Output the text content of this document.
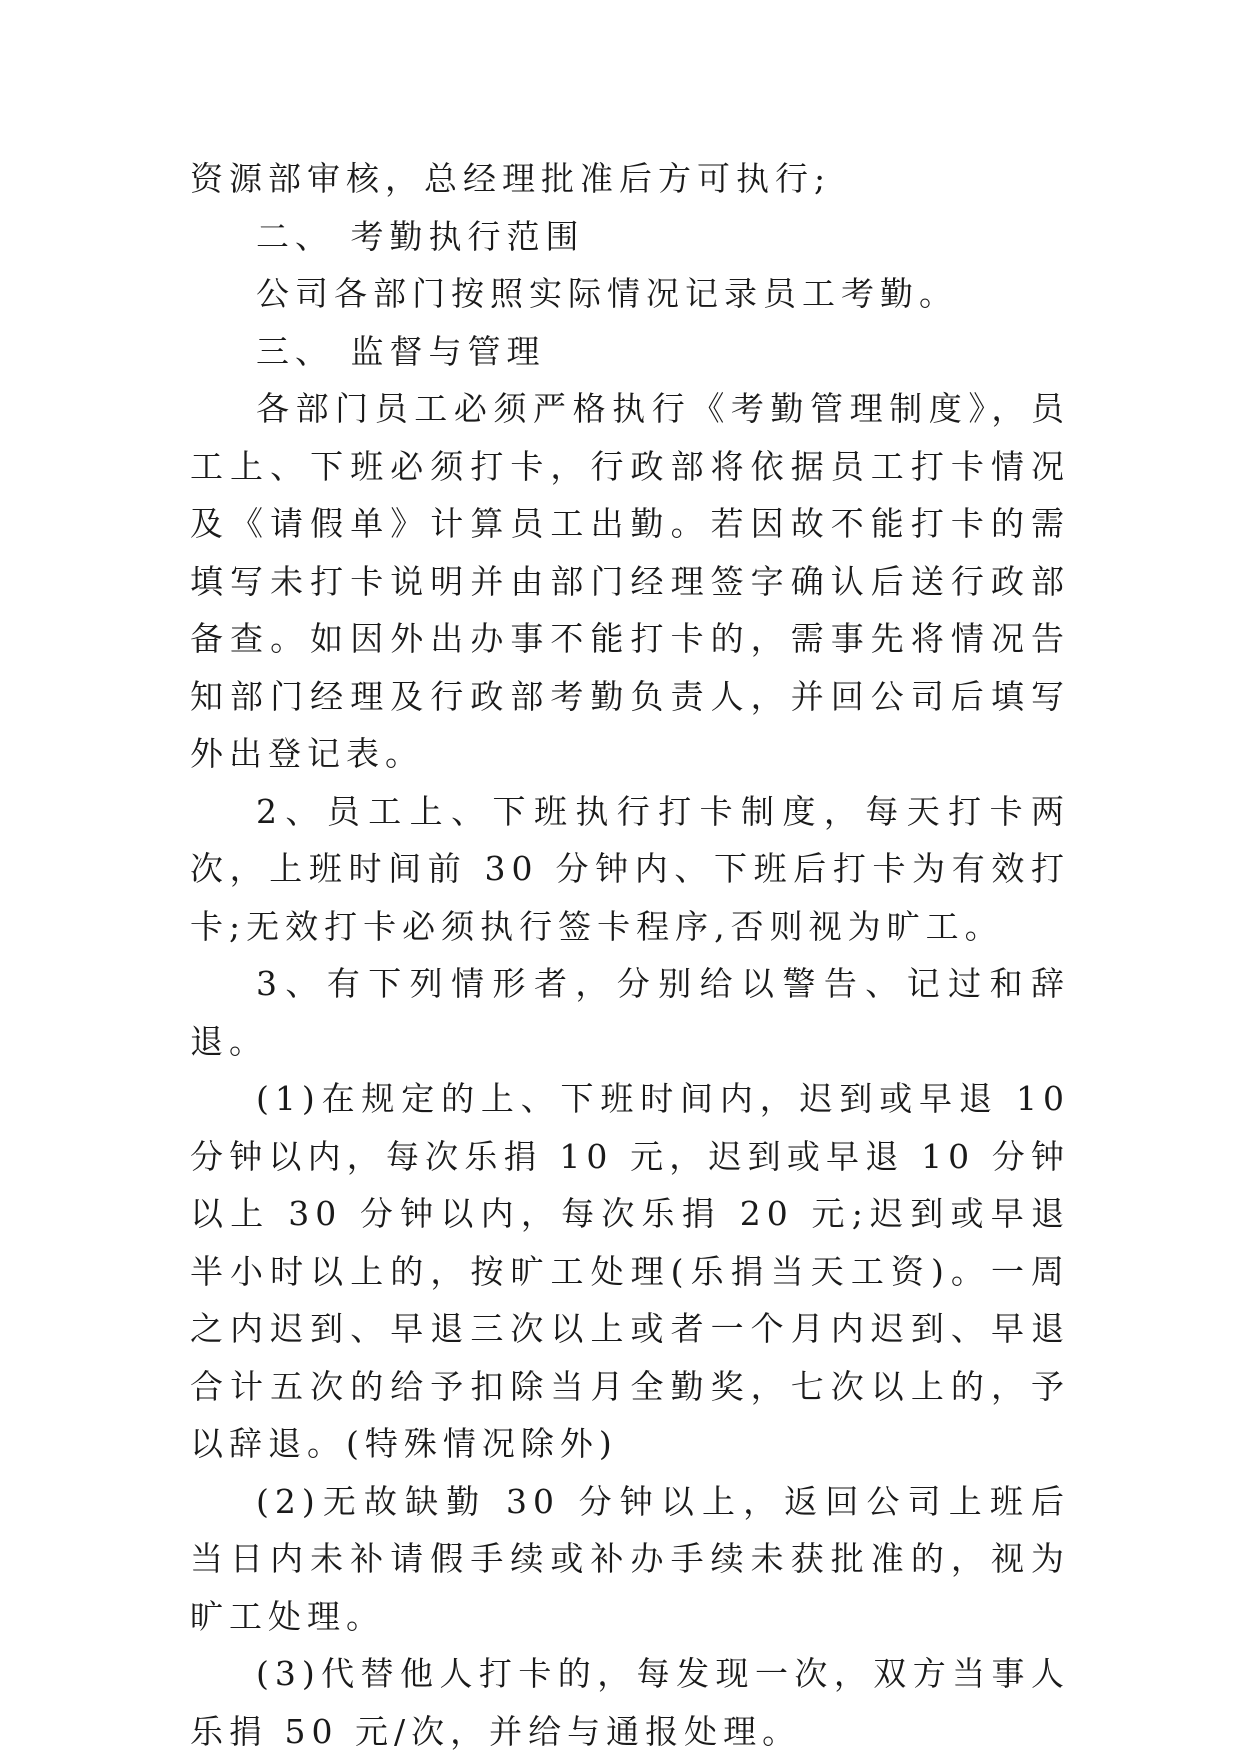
资源部审核，总经理批准后方可执行;

二、 考勤执行范围

公司各部门按照实际情况记录员工考勤。

三、 监督与管理

各部门员工必须严格执行《考勤管理制度》，员工上、下班必须打卡，行政部将依据员工打卡情况及《请假单》计算员工出勤。若因故不能打卡的需填写未打卡说明并由部门经理签字确认后送行政部备查。如因外出办事不能打卡的，需事先将情况告知部门经理及行政部考勤负责人，并回公司后填写外出登记表。

2、员工上、下班执行打卡制度，每天打卡两次，上班时间前 30 分钟内、下班后打卡为有效打卡;无效打卡必须执行签卡程序,否则视为旷工。

3、有下列情形者，分别给以警告、记过和辞退。

(1)在规定的上、下班时间内，迟到或早退 10 分钟以内，每次乐捐 10 元，迟到或早退 10 分钟以上 30 分钟以内，每次乐捐 20 元;迟到或早退半小时以上的，按旷工处理(乐捐当天工资)。一周之内迟到、早退三次以上或者一个月内迟到、早退合计五次的给予扣除当月全勤奖，七次以上的，予以辞退。(特殊情况除外)

(2)无故缺勤 30 分钟以上，返回公司上班后当日内未补请假手续或补办手续未获批准的，视为旷工处理。

(3)代替他人打卡的，每发现一次，双方当事人乐捐 50 元/次，并给与通报处理。
